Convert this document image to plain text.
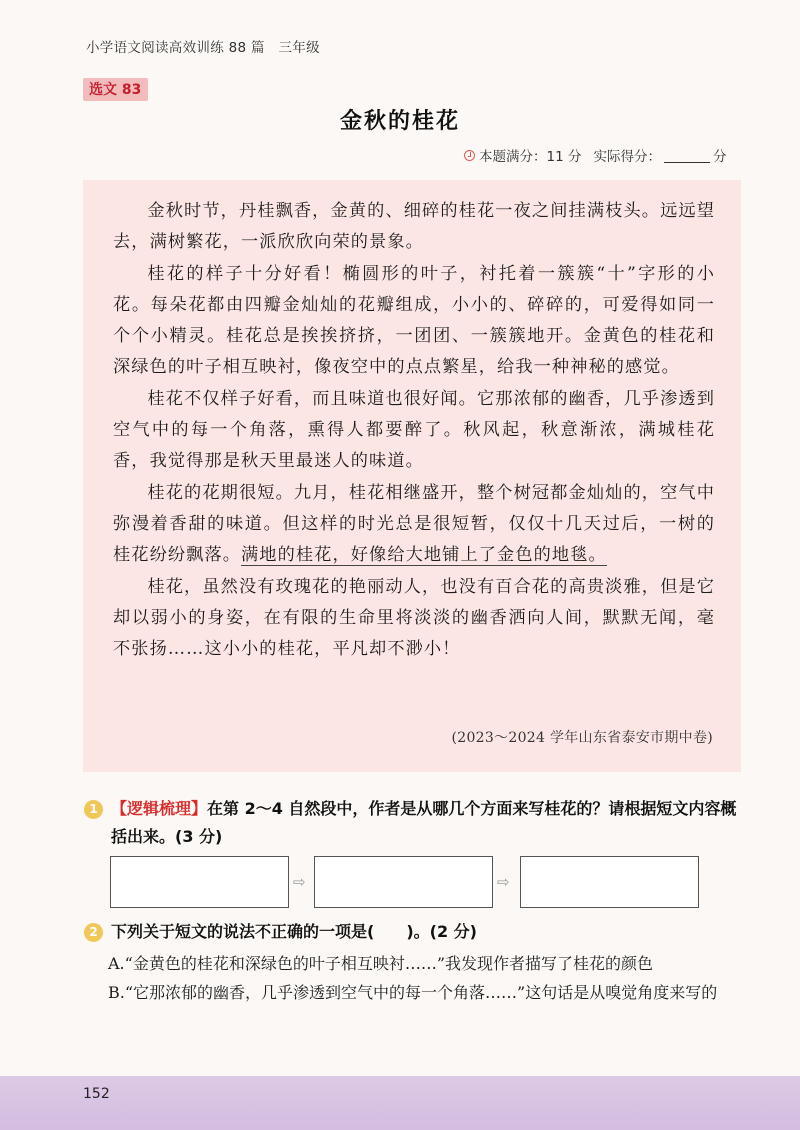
小学语文阅读高效训练 88 篇　三年级
选文 83
金秋的桂花
本题满分：11 分 实际得分：	分

金秋时节，丹桂飘香，金黄的、细碎的桂花一夜之间挂满枝头。远远望去，满树繁花，一派欣欣向荣的景象。

桂花的样子十分好看！椭圆形的叶子，衬托着一簇簇“十”字形的小花。每朵花都由四瓣金灿灿的花瓣组成，小小的、碎碎的，可爱得如同一个个小精灵。桂花总是挨挨挤挤，一团团、一簇簇地开。金黄色的桂花和深绿色的叶子相互映衬，像夜空中的点点繁星，给我一种神秘的感觉。

桂花不仅样子好看，而且味道也很好闻。它那浓郁的幽香，几乎渗透到空气中的每一个角落，熏得人都要醉了。秋风起，秋意渐浓，满城桂花香，我觉得那是秋天里最迷人的味道。

桂花的花期很短。九月，桂花相继盛开，整个树冠都金灿灿的，空气中弥漫着香甜的味道。但这样的时光总是很短暂，仅仅十几天过后，一树的桂花纷纷飘落。满地的桂花，好像给大地铺上了金色的地毯。

桂花，虽然没有玫瑰花的艳丽动人，也没有百合花的高贵淡雅，但是它却以弱小的身姿，在有限的生命里将淡淡的幽香洒向人间，默默无闻，毫不张扬……这小小的桂花，平凡却不渺小！

(2023～2024 学年山东省泰安市期中卷)
1 【逻辑梳理】在第 2～4 自然段中，作者是从哪几个方面来写桂花的？请根据短文内容概括出来。(3 分)
⇨	⇨
2 下列关于短文的说法不正确的一项是(　　)。(2 分)
A.“金黄色的桂花和深绿色的叶子相互映衬……”我发现作者描写了桂花的颜色
B.“它那浓郁的幽香，几乎渗透到空气中的每一个角落……”这句话是从嗅觉角度来写的
152
